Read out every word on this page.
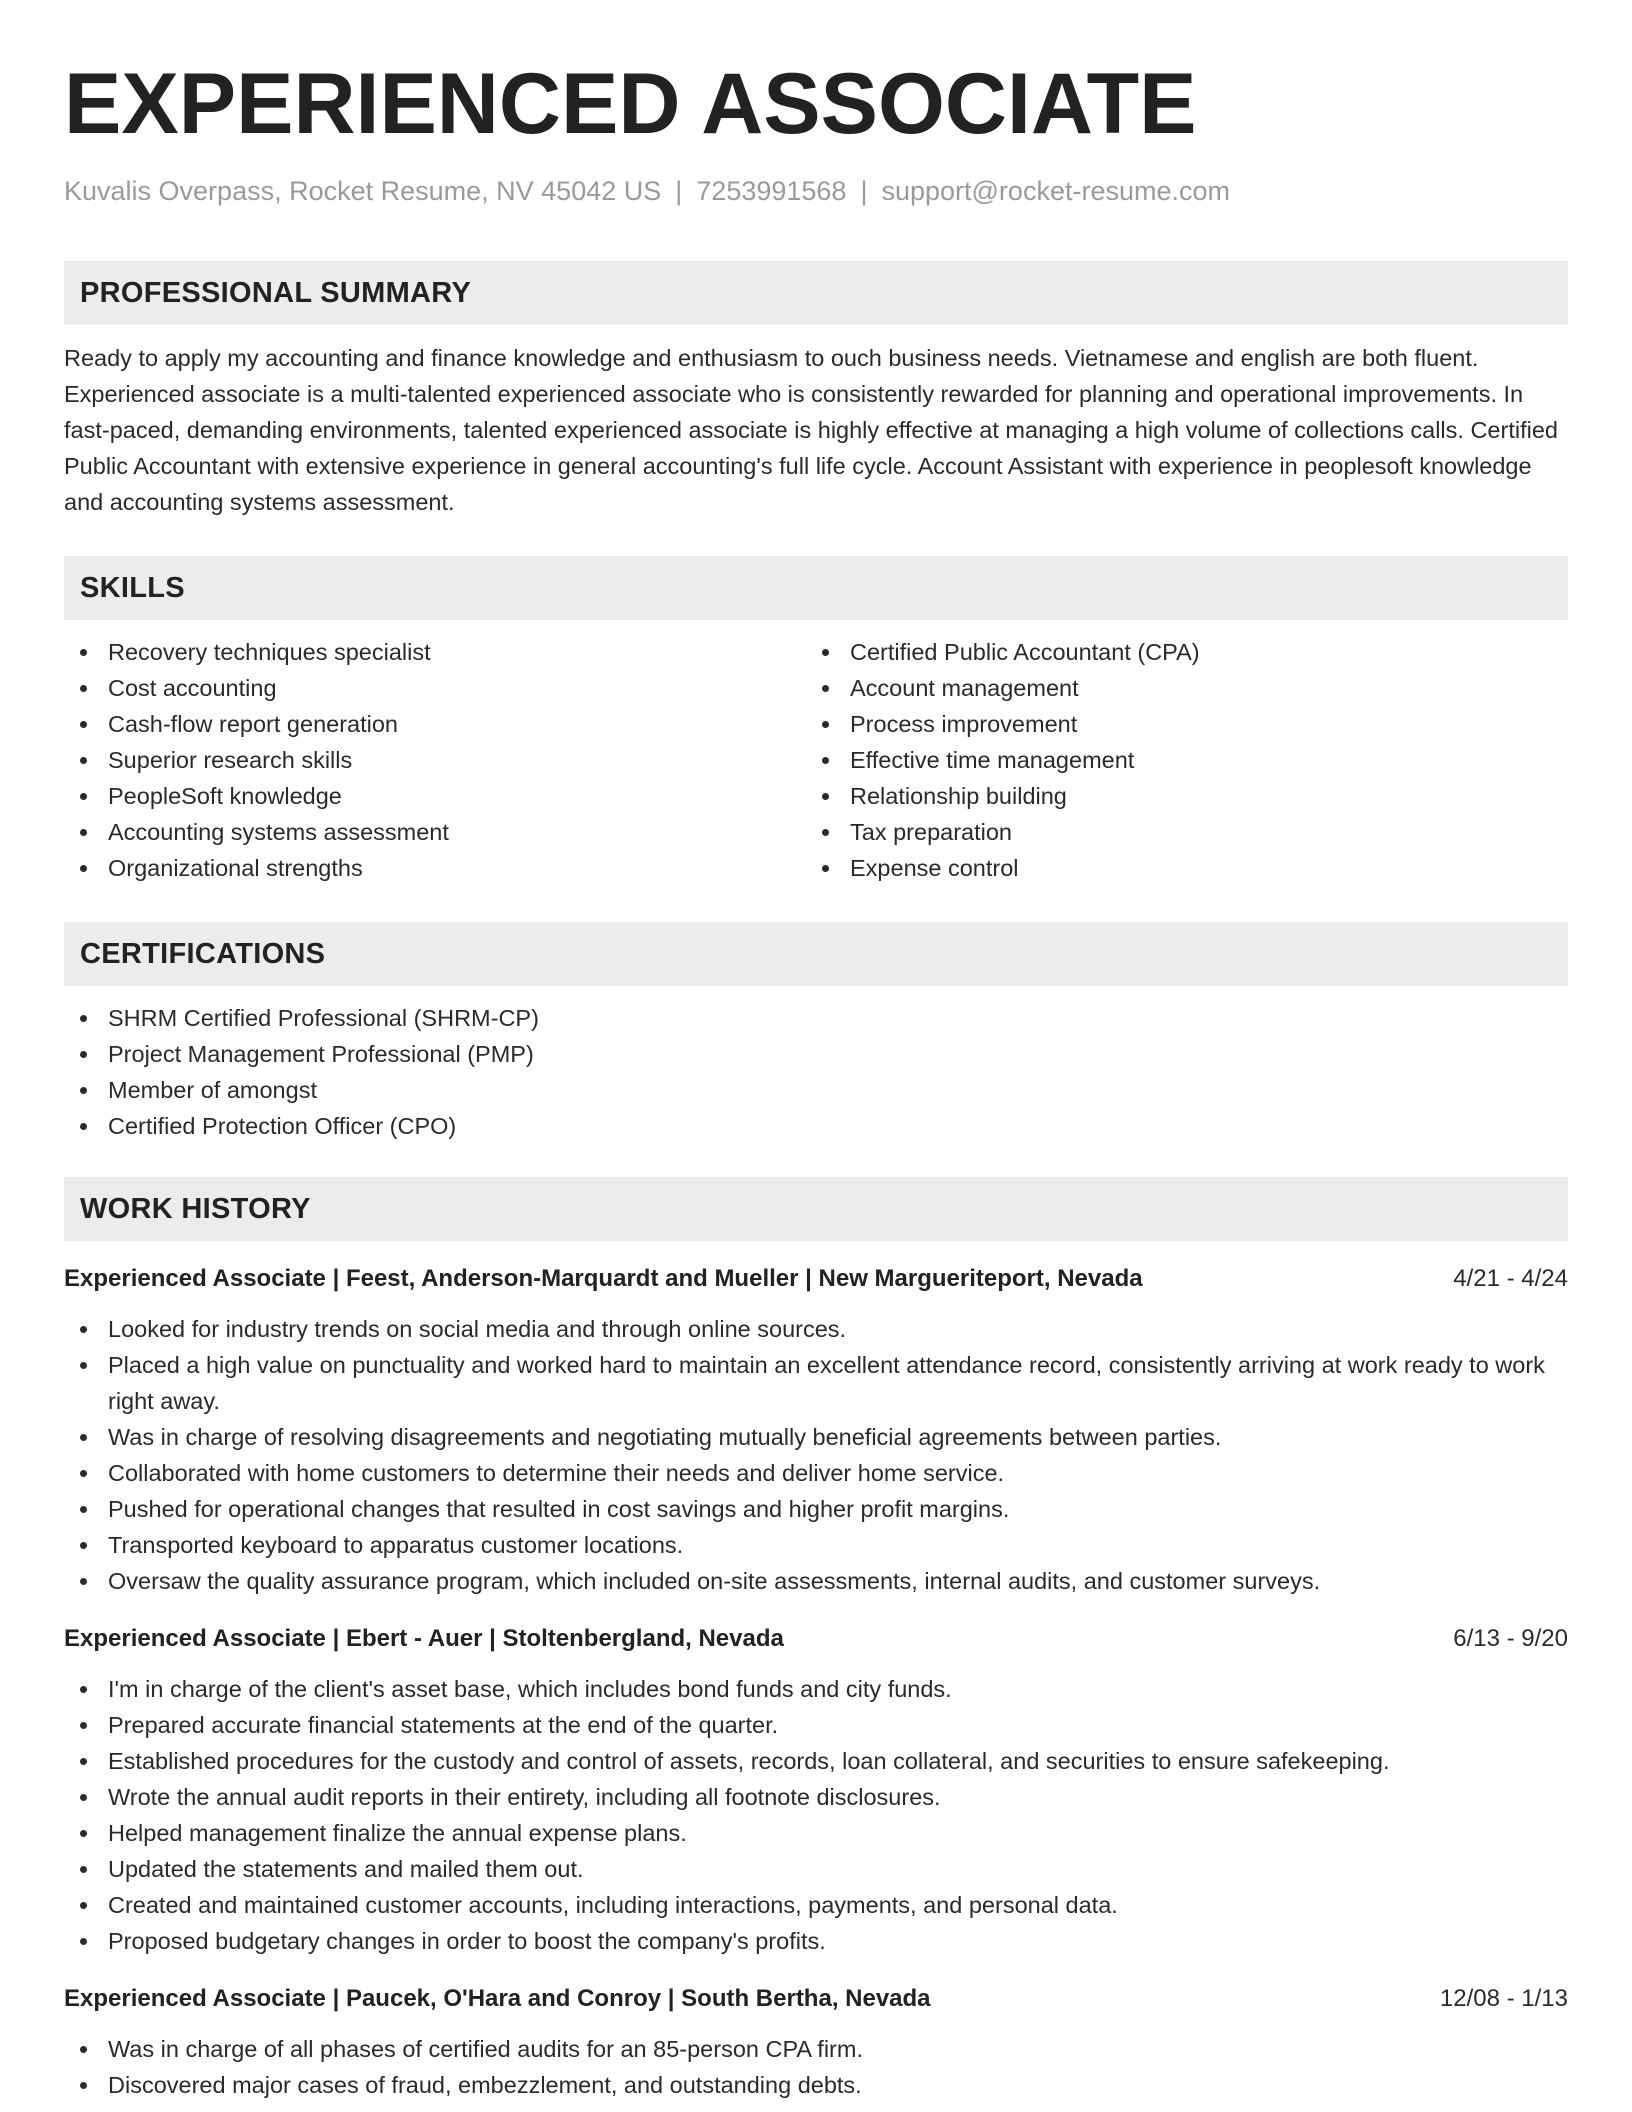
EXPERIENCED ASSOCIATE
Kuvalis Overpass, Rocket Resume, NV 45042 US | 7253991568 | support@rocket-resume.com
PROFESSIONAL SUMMARY
Ready to apply my accounting and finance knowledge and enthusiasm to ouch business needs. Vietnamese and english are both fluent. Experienced associate is a multi-talented experienced associate who is consistently rewarded for planning and operational improvements. In fast-paced, demanding environments, talented experienced associate is highly effective at managing a high volume of collections calls. Certified Public Accountant with extensive experience in general accounting's full life cycle. Account Assistant with experience in peoplesoft knowledge and accounting systems assessment.
SKILLS
Recovery techniques specialist
Cost accounting
Cash-flow report generation
Superior research skills
PeopleSoft knowledge
Accounting systems assessment
Organizational strengths
Certified Public Accountant (CPA)
Account management
Process improvement
Effective time management
Relationship building
Tax preparation
Expense control
CERTIFICATIONS
SHRM Certified Professional (SHRM-CP)
Project Management Professional (PMP)
Member of amongst
Certified Protection Officer (CPO)
WORK HISTORY
Experienced Associate | Feest, Anderson-Marquardt and Mueller | New Margueriteport, Nevada	4/21 - 4/24
Looked for industry trends on social media and through online sources.
Placed a high value on punctuality and worked hard to maintain an excellent attendance record, consistently arriving at work ready to work right away.
Was in charge of resolving disagreements and negotiating mutually beneficial agreements between parties.
Collaborated with home customers to determine their needs and deliver home service.
Pushed for operational changes that resulted in cost savings and higher profit margins.
Transported keyboard to apparatus customer locations.
Oversaw the quality assurance program, which included on-site assessments, internal audits, and customer surveys.
Experienced Associate | Ebert - Auer | Stoltenbergland, Nevada	6/13 - 9/20
I'm in charge of the client's asset base, which includes bond funds and city funds.
Prepared accurate financial statements at the end of the quarter.
Established procedures for the custody and control of assets, records, loan collateral, and securities to ensure safekeeping.
Wrote the annual audit reports in their entirety, including all footnote disclosures.
Helped management finalize the annual expense plans.
Updated the statements and mailed them out.
Created and maintained customer accounts, including interactions, payments, and personal data.
Proposed budgetary changes in order to boost the company's profits.
Experienced Associate | Paucek, O'Hara and Conroy | South Bertha, Nevada	12/08 - 1/13
Was in charge of all phases of certified audits for an 85-person CPA firm.
Discovered major cases of fraud, embezzlement, and outstanding debts.
